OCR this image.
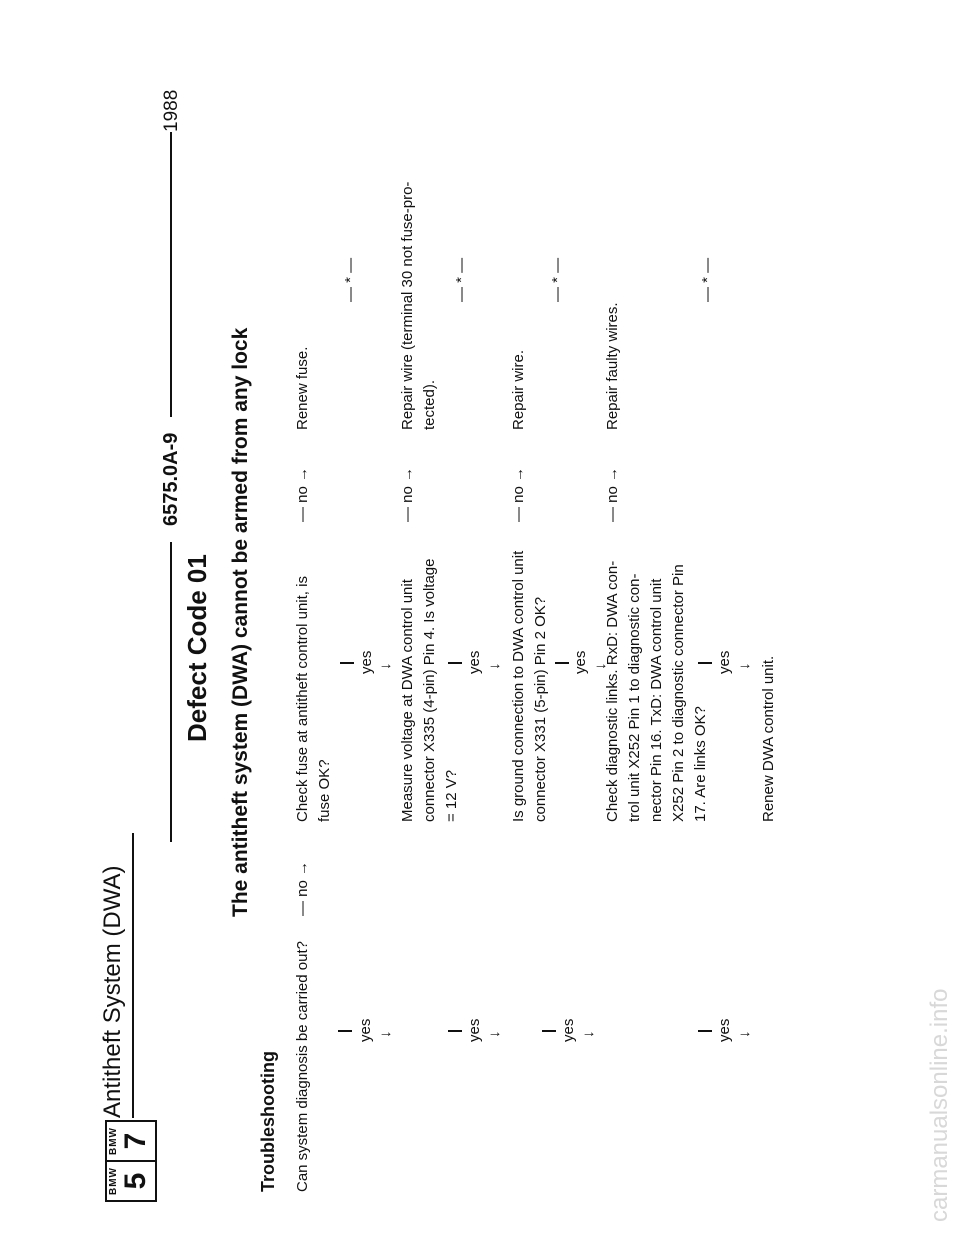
BMW 5
BMW 7
Antitheft System (DWA)
1988
6575.0A-9
Defect Code 01 The antitheft system (DWA) cannot be armed from any lock
Troubleshooting Can system diagnosis be carried out?
— no →
yes ↓	yes ↓	yes ↓	yes ↓
Check fuse at antitheft control unit, is fuse OK?
— no →
Renew fuse.
yes ↓
— * —
Measure voltage at DWA control unit connector X335 (4-pin) Pin 4. Is voltage = 12 V?
— no →
Repair wire (terminal 30 not fuse-pro- tected).
yes ↓
— * —
Is ground connection to DWA control unit connector X331 (5-pin) Pin 2 OK?
— no →
Repair wire.
yes ↓
— * —
Check diagnostic links. RxD: DWA con- trol unit X252 Pin 1 to diagnostic con- nector Pin 16. TxD: DWA control unit X252 Pin 2 to diagnostic connector Pin 17. Are links OK?
— no →
Repair faulty wires.
yes ↓
— * —
Renew DWA control unit.
carmanualsonline.info
